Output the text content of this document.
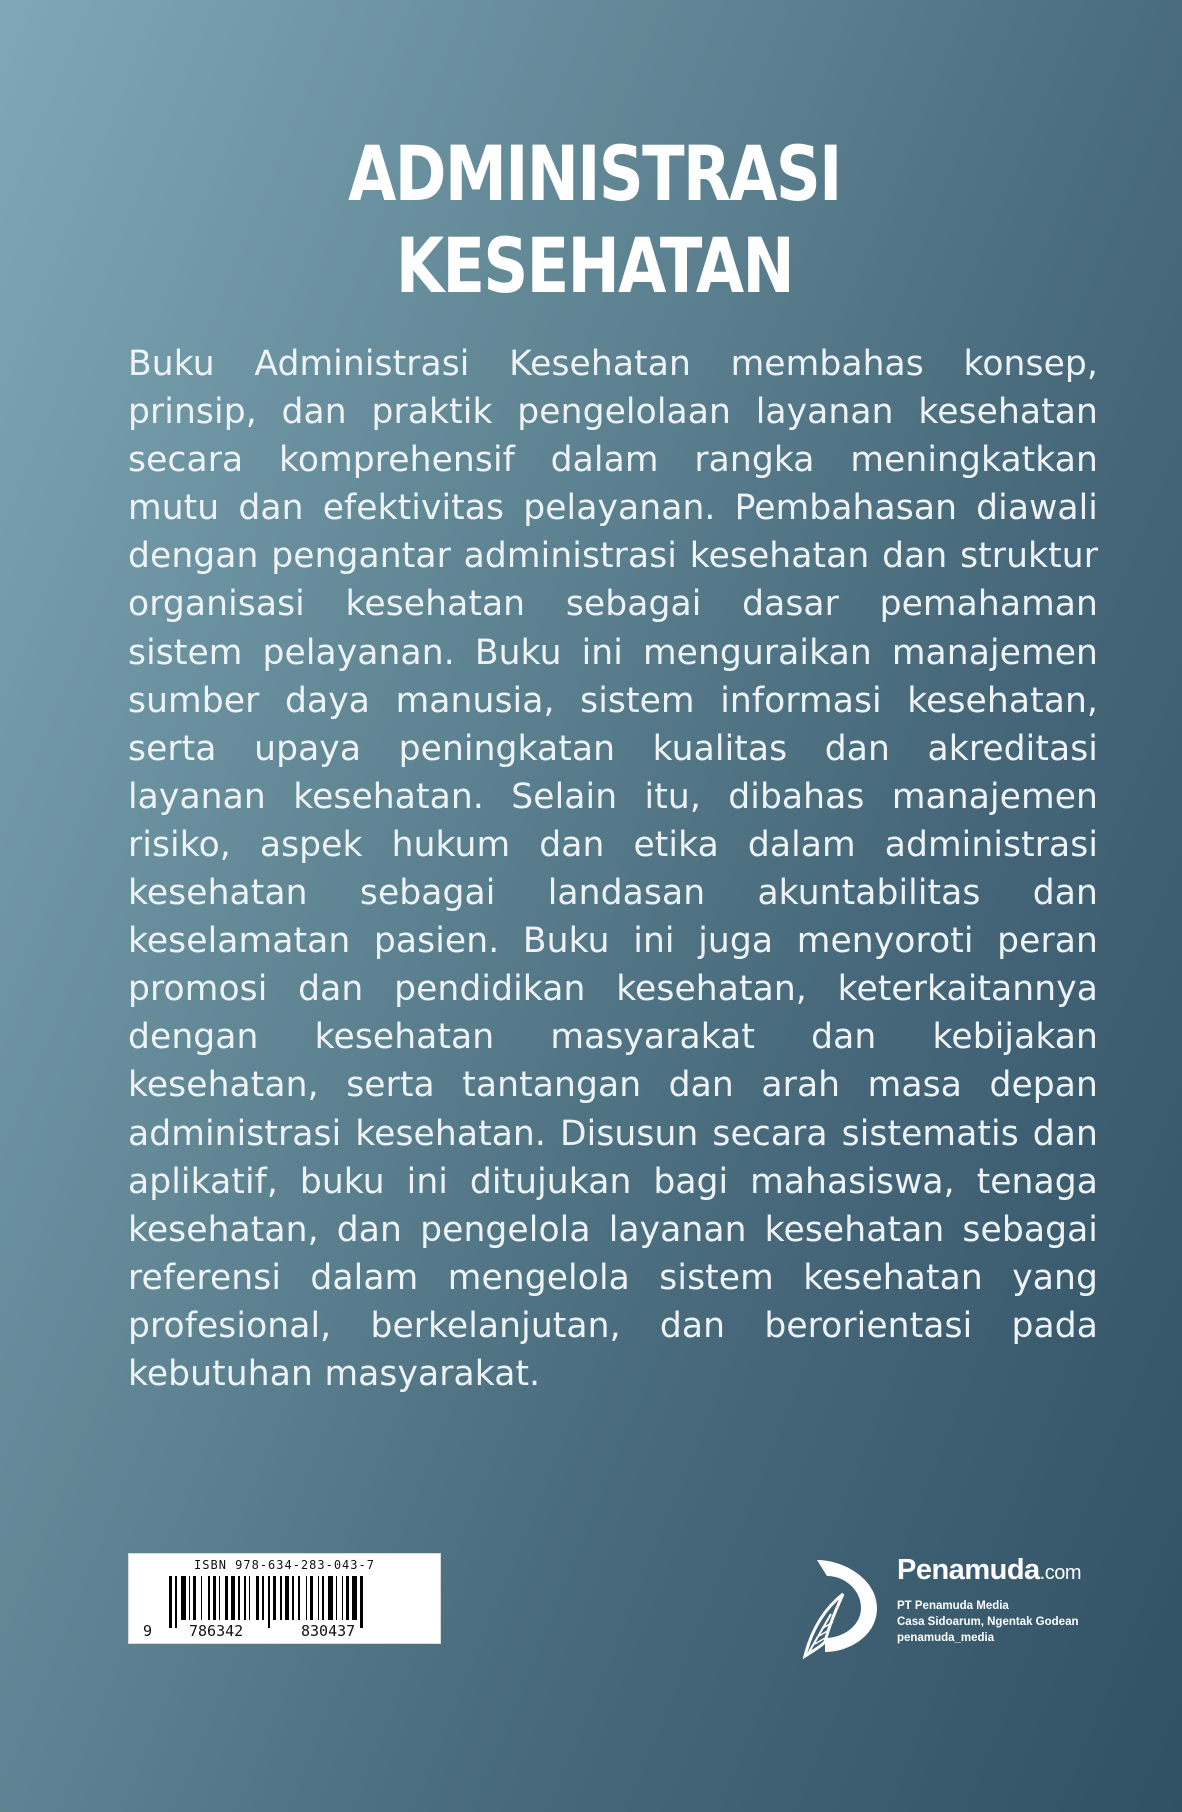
ADMINISTRASI
KESEHATAN

Buku Administrasi Kesehatan membahas konsep, prinsip, dan praktik pengelolaan layanan kesehatan secara komprehensif dalam rangka meningkatkan mutu dan efektivitas pelayanan. Pembahasan diawali dengan pengantar administrasi kesehatan dan struktur organisasi kesehatan sebagai dasar pemahaman sistem pelayanan. Buku ini menguraikan manajemen sumber daya manusia, sistem informasi kesehatan, serta upaya peningkatan kualitas dan akreditasi layanan kesehatan. Selain itu, dibahas manajemen risiko, aspek hukum dan etika dalam administrasi kesehatan sebagai landasan akuntabilitas dan keselamatan pasien. Buku ini juga menyoroti peran promosi dan pendidikan kesehatan, keterkaitannya dengan kesehatan masyarakat dan kebijakan kesehatan, serta tantangan dan arah masa depan administrasi kesehatan. Disusun secara sistematis dan aplikatif, buku ini ditujukan bagi mahasiswa, tenaga kesehatan, dan pengelola layanan kesehatan sebagai referensi dalam mengelola sistem kesehatan yang profesional, berkelanjutan, dan berorientasi pada kebutuhan masyarakat.

ISBN 978-634-283-043-7
9 786342	830437
Penamuda.com
PT Penamuda Media
Casa Sidoarum, Ngentak Godean
penamuda_media
